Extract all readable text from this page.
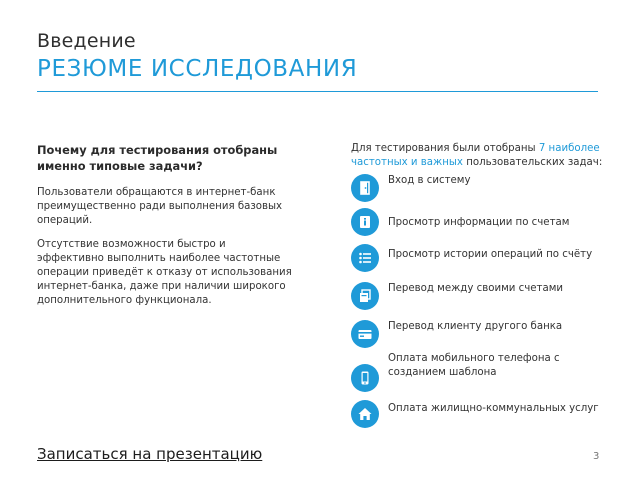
Введение
РЕЗЮМЕ ИССЛЕДОВАНИЯ
Почему для тестирования отобраны именно типовые задачи?
Пользователи обращаются в интернет-банк преимущественно ради выполнения базовых операций.
Отсутствие возможности быстро и эффективно выполнить наиболее частотные операции приведёт к отказу от использования интернет-банка, даже при наличии широкого дополнительного функционала.
Для тестирования были отобраны 7 наиболее частотных и важных пользовательских задач:
Вход в систему
Просмотр информации по счетам
Просмотр истории операций по счёту
Перевод между своими счетами
Перевод клиенту другого банка
Оплата мобильного телефона с созданием шаблона
Оплата жилищно-коммунальных услуг
Записаться на презентацию	3
